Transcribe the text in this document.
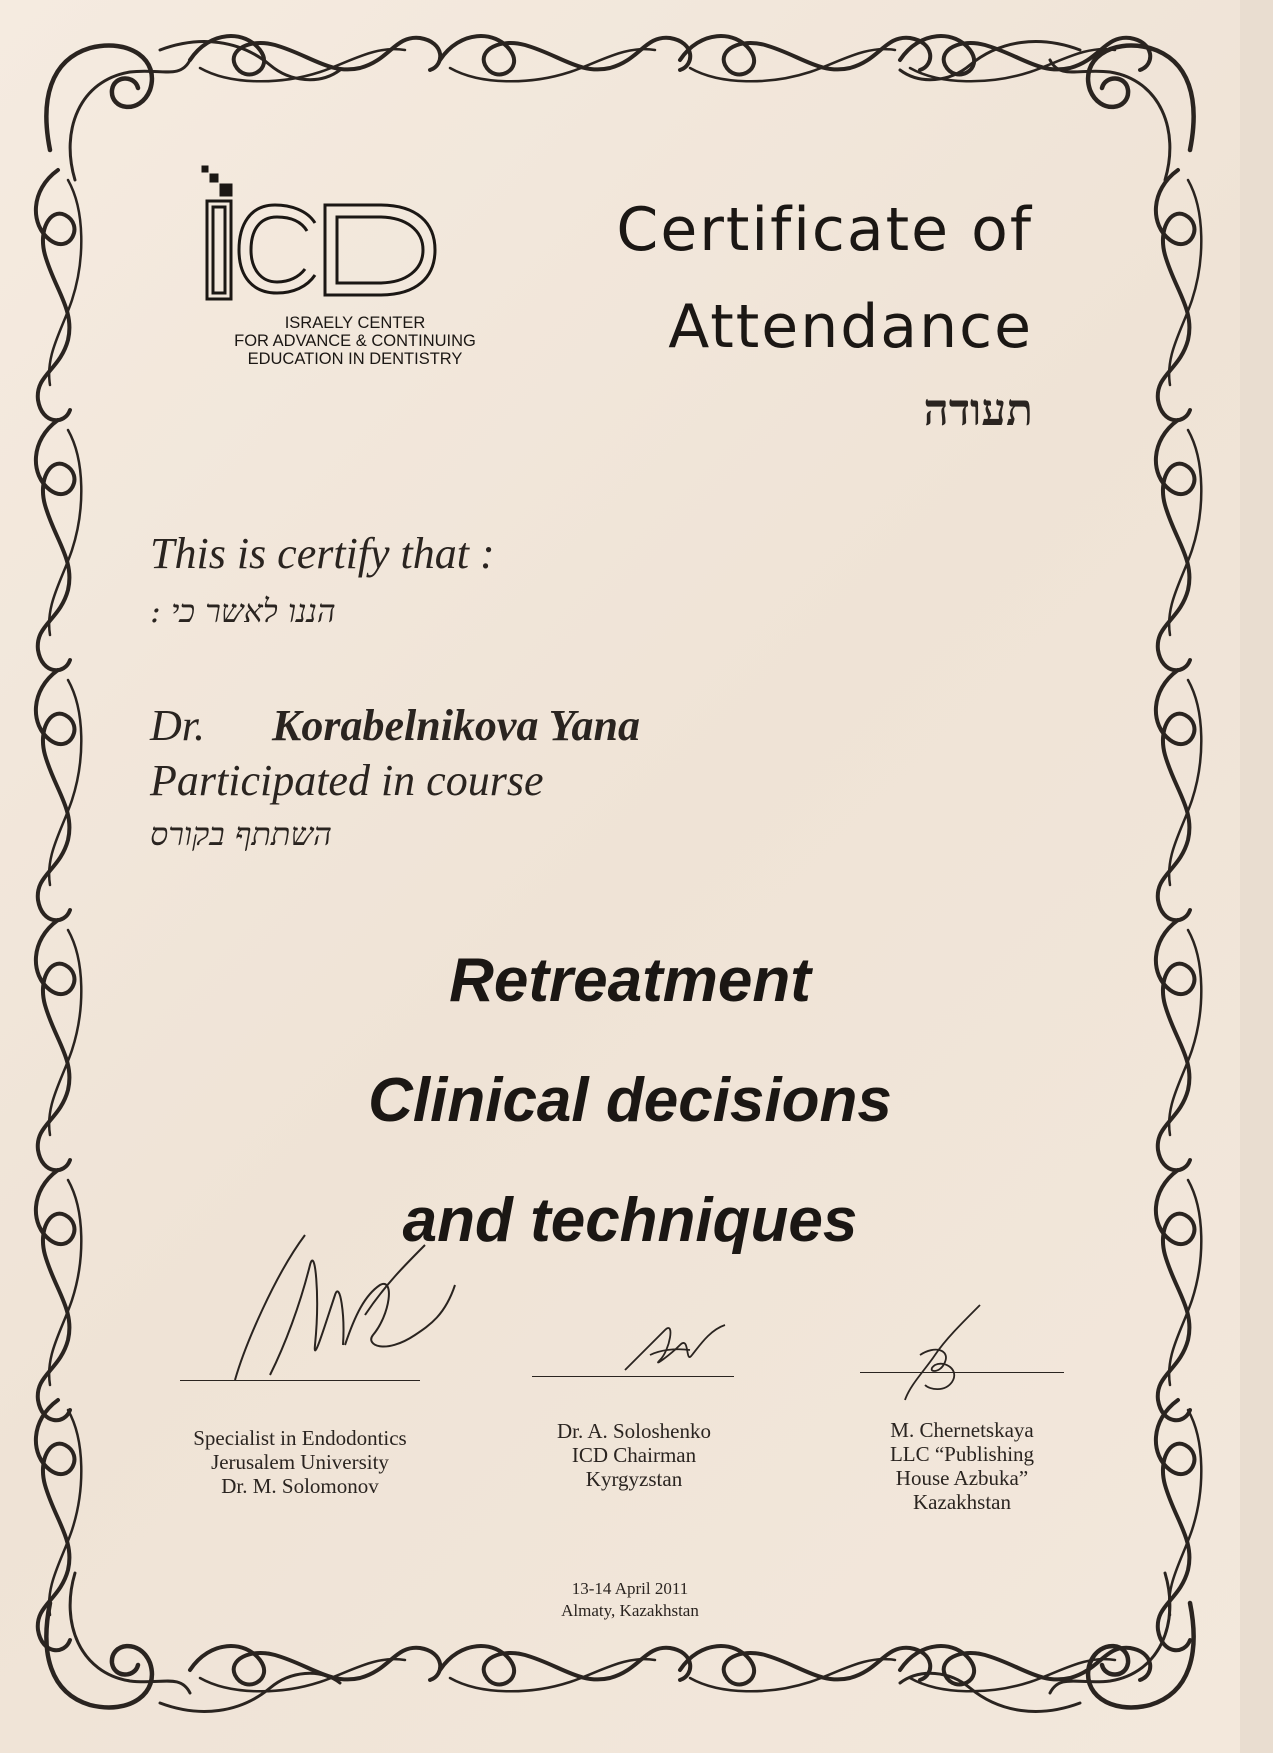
ISRAELY CENTER
FOR ADVANCE & CONTINUING
EDUCATION IN DENTISTRY
Certificate of
Attendance
תעודה
This is certify that :
הננו לאשר כי :
Dr. Korabelnikova Yana
Participated in course
השתתף בקורס
Retreatment
Clinical decisions
and techniques
Specialist in Endodontics
Jerusalem University
Dr. M. Solomonov
Dr. A. Soloshenko
ICD Chairman
Kyrgyzstan
M. Chernetskaya
LLC “Publishing
House Azbuka”
Kazakhstan
13-14 April 2011
Almaty, Kazakhstan
